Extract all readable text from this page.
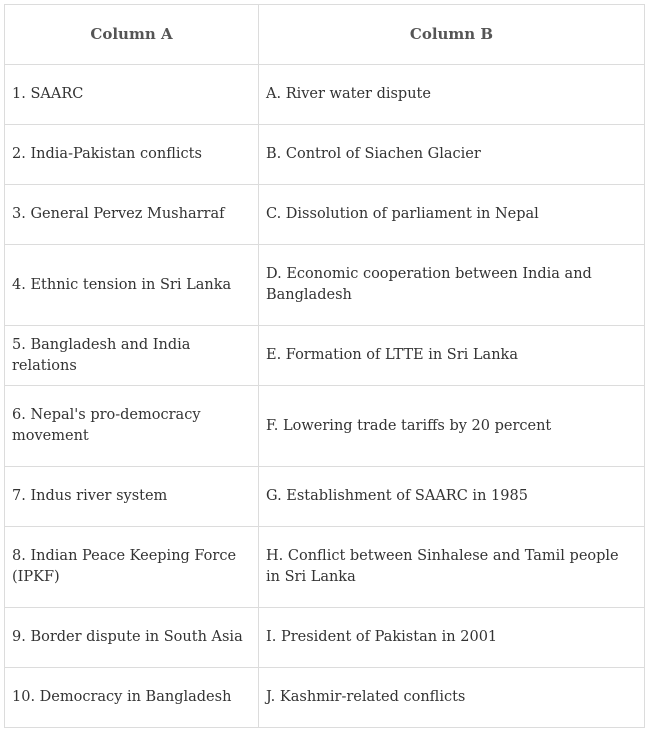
Column A	Column B
1. SAARC	A. River water dispute
2. India-Pakistan conflicts	B. Control of Siachen Glacier
3. General Pervez Musharraf	C. Dissolution of parliament in Nepal
4. Ethnic tension in Sri Lanka	D. Economic cooperation between India and Bangladesh
5. Bangladesh and India relations	E. Formation of LTTE in Sri Lanka
6. Nepal's pro-democracy movement	F. Lowering trade tariffs by 20 percent
7. Indus river system	G. Establishment of SAARC in 1985
8. Indian Peace Keeping Force (IPKF)	H. Conflict between Sinhalese and Tamil people in Sri Lanka
9. Border dispute in South Asia	I. President of Pakistan in 2001
10. Democracy in Bangladesh	J. Kashmir-related conflicts
